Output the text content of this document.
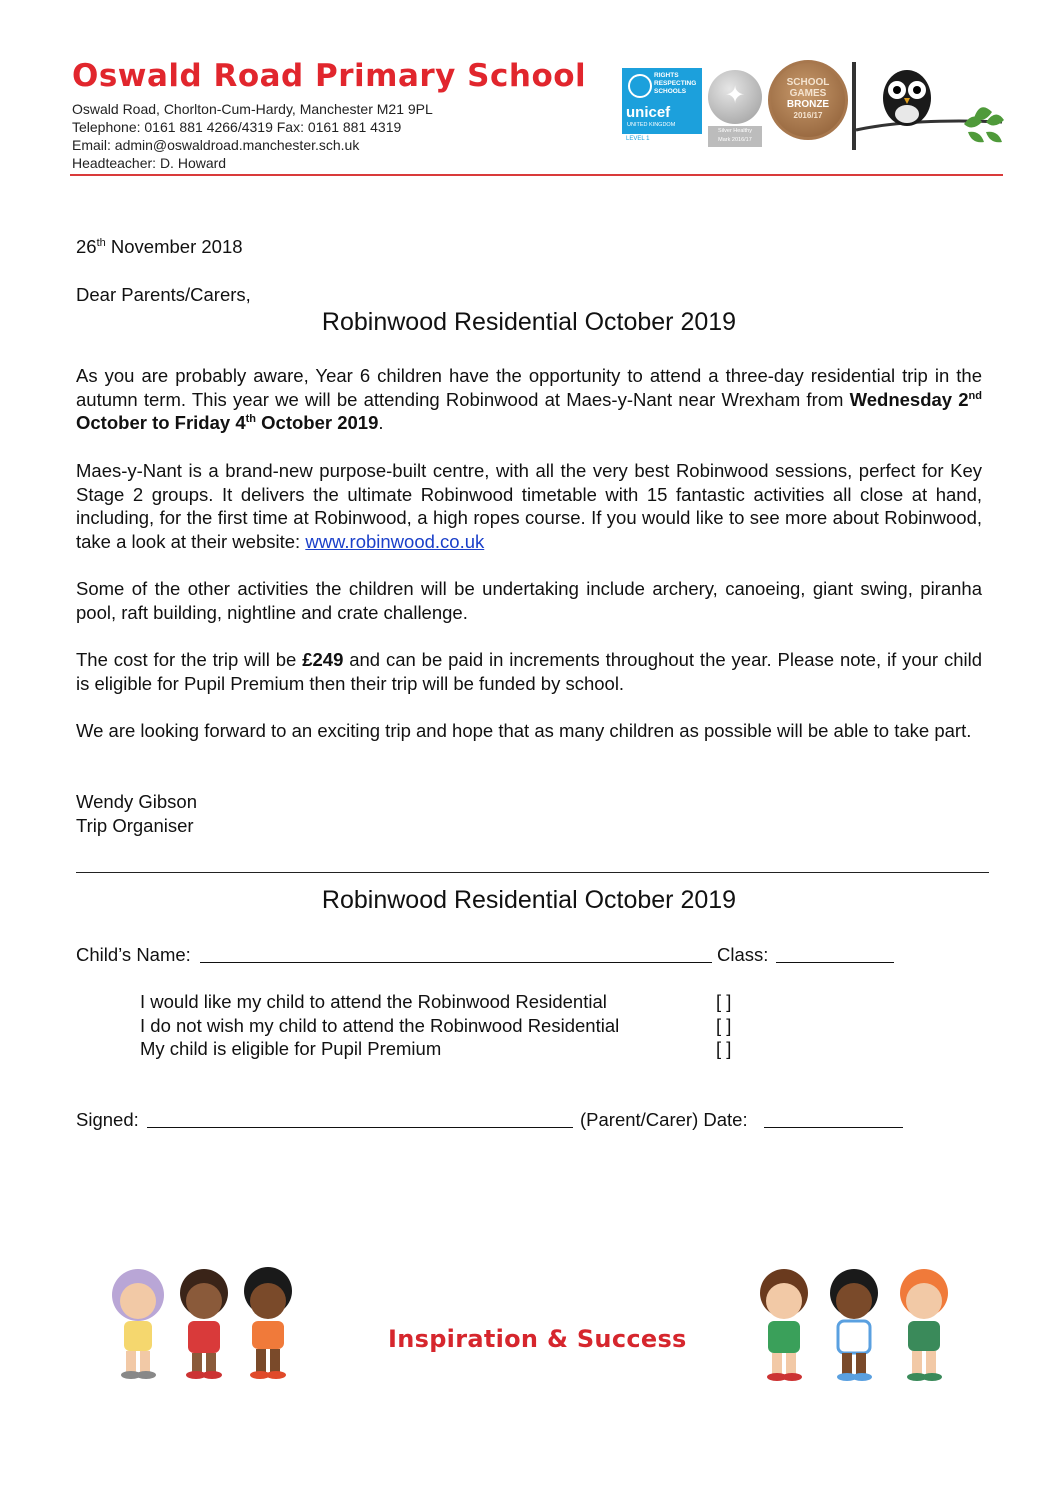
Oswald Road Primary School
Oswald Road, Chorlton-Cum-Hardy, Manchester M21 9PL
Telephone: 0161 881 4266/4319 Fax: 0161 881 4319
Email: admin@oswaldroad.manchester.sch.uk
Headteacher: D. Howard
RIGHTS
RESPECTING
SCHOOLS
unicef
UNITED KINGDOM
LEVEL 1
✦
Silver Healthy
Mark 2016/17
SCHOOL
GAMES
BRONZE
2016/17
26th November 2018
Dear Parents/Carers,
Robinwood Residential October 2019
As you are probably aware, Year 6 children have the opportunity to attend a three-day residential trip in the autumn term. This year we will be attending Robinwood at Maes-y-Nant near Wrexham from Wednesday 2nd October to Friday 4th October 2019.
Maes-y-Nant is a brand-new purpose-built centre, with all the very best Robinwood sessions, perfect for Key Stage 2 groups. It delivers the ultimate Robinwood timetable with 15 fantastic activities all close at hand, including, for the first time at Robinwood, a high ropes course. If you would like to see more about Robinwood, take a look at their website: www.robinwood.co.uk
Some of the other activities the children will be undertaking include archery, canoeing, giant swing, piranha pool, raft building, nightline and crate challenge.
The cost for the trip will be £249 and can be paid in increments throughout the year. Please note, if your child is eligible for Pupil Premium then their trip will be funded by school.
We are looking forward to an exciting trip and hope that as many children as possible will be able to take part.
Wendy Gibson
Trip Organiser
Robinwood Residential October 2019
Child’s Name:	Class:
I would like my child to attend the Robinwood Residential	[ ]
I do not wish my child to attend the Robinwood Residential	[ ]
My child is eligible for Pupil Premium	[ ]
Signed:	(Parent/Carer) Date:
Inspiration & Success
